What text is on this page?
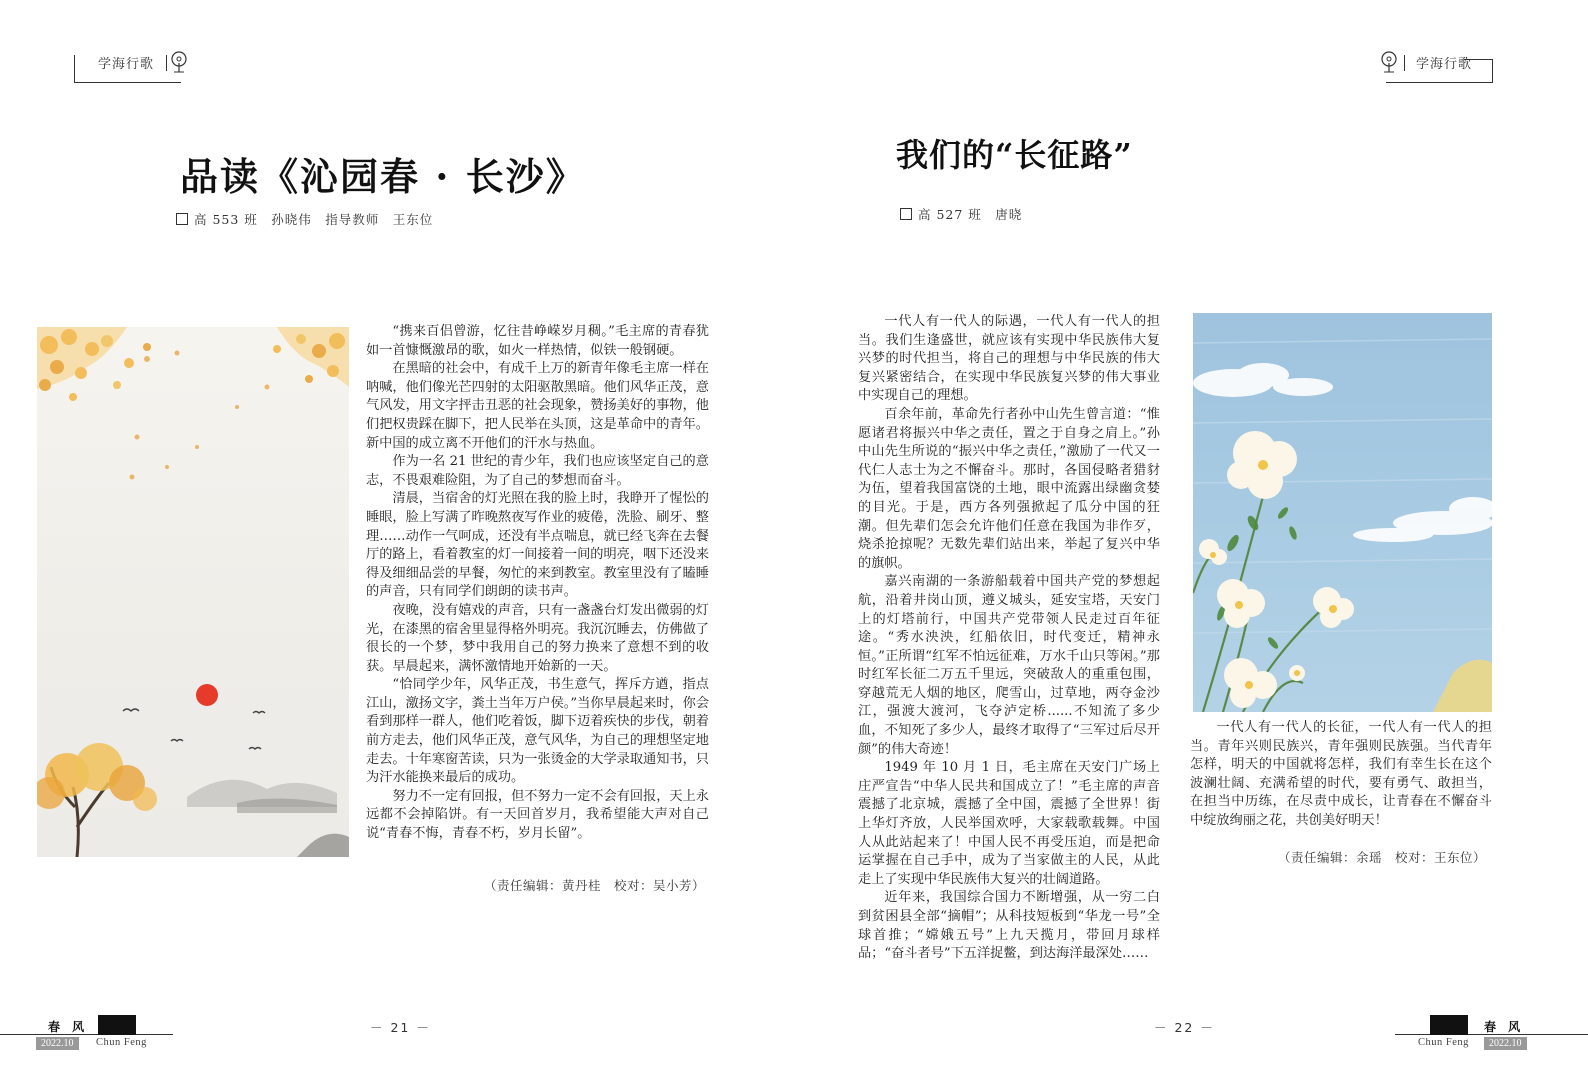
学海行歌
品读《沁园春 · 长沙》
高 553 班　孙晓伟　指导教师　王东位

“携来百侣曾游，忆往昔峥嵘岁月稠。”毛主席的青春犹如一首慷慨激昂的歌，如火一样热情，似铁一般钢硬。

在黑暗的社会中，有成千上万的新青年像毛主席一样在呐喊，他们像光芒四射的太阳驱散黑暗。他们风华正茂，意气风发，用文字抨击丑恶的社会现象，赞扬美好的事物，他们把权贵踩在脚下，把人民举在头顶，这是革命中的青年。新中国的成立离不开他们的汗水与热血。

作为一名 21 世纪的青少年，我们也应该坚定自己的意志，不畏艰难险阻，为了自己的梦想而奋斗。

清晨，当宿舍的灯光照在我的脸上时，我睁开了惺忪的睡眼，脸上写满了昨晚熬夜写作业的疲倦，洗脸、刷牙、整理……动作一气呵成，还没有半点喘息，就已经飞奔在去餐厅的路上，看着教室的灯一间接着一间的明亮，咽下还没来得及细细品尝的早餐，匆忙的来到教室。教室里没有了瞌睡的声音，只有同学们朗朗的读书声。

夜晚，没有嬉戏的声音，只有一盏盏台灯发出微弱的灯光，在漆黑的宿舍里显得格外明亮。我沉沉睡去，仿佛做了很长的一个梦，梦中我用自己的努力换来了意想不到的收获。早晨起来，满怀激情地开始新的一天。

“恰同学少年，风华正茂，书生意气，挥斥方遒，指点江山，激扬文字，粪土当年万户侯。”当你早晨起来时，你会看到那样一群人，他们吃着饭，脚下迈着疾快的步伐，朝着前方走去，他们风华正茂，意气风华，为自己的理想坚定地走去。十年寒窗苦读，只为一张烫金的大学录取通知书，只为汗水能换来最后的成功。

努力不一定有回报，但不努力一定不会有回报，天上永远都不会掉陷饼。有一天回首岁月，我希望能大声对自己说“青春不悔，青春不朽，岁月长留”。

（责任编辑：黄丹桂　校对：吴小芳）
春 风
2022.10	Chun Feng
－ 21 －
学海行歌
我们的“长征路”
高 527 班　唐晓

一代人有一代人的际遇，一代人有一代人的担当。我们生逢盛世，就应该有实现中华民族伟大复兴梦的时代担当，将自己的理想与中华民族的伟大复兴紧密结合，在实现中华民族复兴梦的伟大事业中实现自己的理想。

百余年前，革命先行者孙中山先生曾言道：“惟愿诸君将振兴中华之责任，置之于自身之肩上。”孙中山先生所说的“振兴中华之责任，”激励了一代又一代仁人志士为之不懈奋斗。那时，各国侵略者猎豺为伍，望着我国富饶的土地，眼中流露出绿幽贪婪的目光。于是，西方各列强掀起了瓜分中国的狂潮。但先辈们怎会允许他们任意在我国为非作歹，烧杀抢掠呢？无数先辈们站出来，举起了复兴中华的旗帜。

嘉兴南湖的一条游船载着中国共产党的梦想起航，沿着井岗山顶，遵义城头，延安宝塔，天安门上的灯塔前行，中国共产党带领人民走过百年征途。“秀水泱泱，红船依旧，时代变迁，精神永恒。”正所谓“红军不怕远征难，万水千山只等闲。”那时红军长征二万五千里远，突破敌人的重重包围，穿越荒无人烟的地区，爬雪山，过草地，两夺金沙江，强渡大渡河，飞夺泸定桥......不知流了多少血，不知死了多少人，最终才取得了“三军过后尽开颜”的伟大奇迹！

1949 年 10 月 1 日，毛主席在天安门广场上庄严宣告“中华人民共和国成立了！”毛主席的声音震撼了北京城，震撼了全中国，震撼了全世界！街上华灯齐放，人民举国欢呼，大家载歌载舞。中国人从此站起来了！中国人民不再受压迫，而是把命运掌握在自己手中，成为了当家做主的人民，从此走上了实现中华民族伟大复兴的壮阔道路。

近年来，我国综合国力不断增强，从一穷二白到贫困县全部“摘帽”；从科技短板到“华龙一号”全球首推；“嫦娥五号”上九天揽月，带回月球样品；“奋斗者号”下五洋捉鳖，到达海洋最深处……

一代人有一代人的长征，一代人有一代人的担当。青年兴则民族兴，青年强则民族强。当代青年怎样，明天的中国就将怎样，我们有幸生长在这个波澜壮阔、充满希望的时代，要有勇气、敢担当，在担当中历练，在尽责中成长，让青春在不懈奋斗中绽放绚丽之花，共创美好明天！

（责任编辑：余瑶　校对：王东位）
－ 22 －	春 风
Chun Feng	2022.10
